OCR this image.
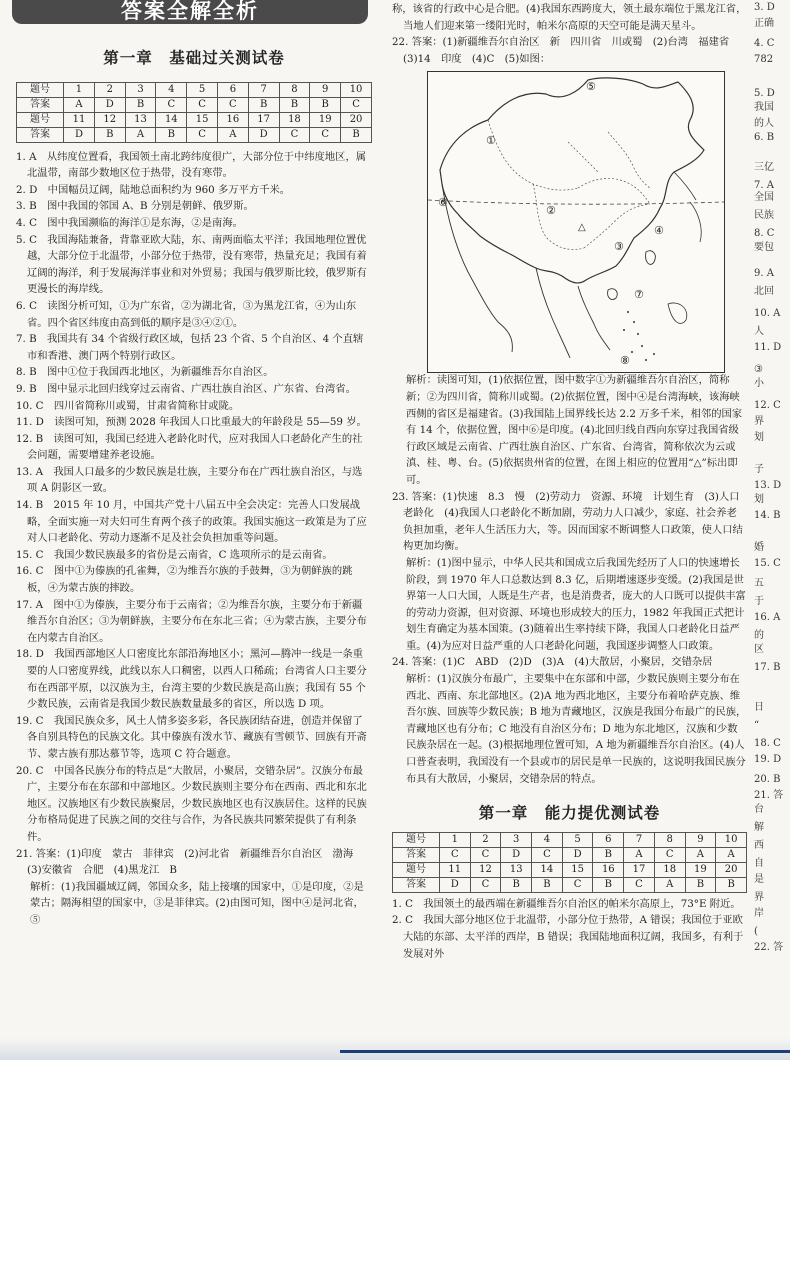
答案全解全析
第一章　基础过关测试卷
题号	1	2	3	4	5	6	7	8	9	10
答案	A	D	B	C	C	C	B	B	B	C
题号	11	12	13	14	15	16	17	18	19	20
答案	D	B	A	B	C	A	D	C	C	B

1. A　从纬度位置看，我国领土南北跨纬度很广，大部分位于中纬度地区，属北温带，南部少数地区位于热带，没有寒带。

2. D　中国幅员辽阔，陆地总面积约为 960 多万平方千米。

3. B　图中我国的邻国 A、B 分别是朝鲜、俄罗斯。

4. C　图中我国濒临的海洋①是东海，②是南海。

5. C　我国海陆兼备，背靠亚欧大陆，东、南两面临太平洋；我国地理位置优越，大部分位于北温带，小部分位于热带，没有寒带，热量充足；我国有着辽阔的海洋，利于发展海洋事业和对外贸易；我国与俄罗斯比较，俄罗斯有更漫长的海岸线。

6. C　读图分析可知，①为广东省，②为湖北省，③为黑龙江省，④为山东省。四个省区纬度由高到低的顺序是③④②①。

7. B　我国共有 34 个省级行政区域，包括 23 个省、5 个自治区、4 个直辖市和香港、澳门两个特别行政区。

8. B　图中①位于我国西北地区，为新疆维吾尔自治区。

9. B　图中显示北回归线穿过云南省、广西壮族自治区、广东省、台湾省。

10. C　四川省简称川或蜀，甘肃省简称甘或陇。

11. D　读图可知，预测 2028 年我国人口比重最大的年龄段是 55—59 岁。

12. B　读图可知，我国已经进入老龄化时代，应对我国人口老龄化产生的社会问题，需要增建养老设施。

13. A　我国人口最多的少数民族是壮族，主要分布在广西壮族自治区，与选项 A 阴影区一致。

14. B　2015 年 10 月，中国共产党十八届五中全会决定：完善人口发展战略，全面实施一对夫妇可生育两个孩子的政策。我国实施这一政策是为了应对人口老龄化、劳动力逐渐不足及社会负担加重等问题。

15. C　我国少数民族最多的省份是云南省，C 选项所示的是云南省。

16. C　图中①为傣族的孔雀舞，②为维吾尔族的手鼓舞，③为朝鲜族的跳板，④为蒙古族的摔跤。

17. A　图中①为傣族，主要分布于云南省；②为维吾尔族，主要分布于新疆维吾尔自治区；③为朝鲜族，主要分布在东北三省；④为蒙古族，主要分布在内蒙古自治区。

18. D　我国西部地区人口密度比东部沿海地区小；黑河—腾冲一线是一条重要的人口密度界线，此线以东人口稠密，以西人口稀疏；台湾省人口主要分布在西部平原，以汉族为主，台湾主要的少数民族是高山族；我国有 55 个少数民族，云南省是我国少数民族数量最多的省区，所以选 D 项。

19. C　我国民族众多，风土人情多姿多彩，各民族团结奋进，创造并保留了各自别具特色的民族文化。其中傣族有泼水节、藏族有雪顿节、回族有开斋节、蒙古族有那达慕节等，选项 C 符合题意。

20. C　中国各民族分布的特点是“大散居，小聚居，交错杂居”。汉族分布最广，主要分布在东部和中部地区。少数民族则主要分布在西南、西北和东北地区。汉族地区有少数民族聚居，少数民族地区也有汉族居住。这样的民族分布格局促进了民族之间的交往与合作，为各民族共同繁荣提供了有利条件。

21. 答案：(1)印度　蒙古　菲律宾　(2)河北省　新疆维吾尔自治区　渤海　(3)安徽省　合肥　(4)黑龙江　B

解析：(1)我国疆域辽阔，邻国众多，陆上接壤的国家中，①是印度，②是蒙古；隔海相望的国家中，③是菲律宾。(2)由图可知，图中④是河北省，⑤

称，该省的行政中心是合肥。(4)我国东西跨度大，领土最东端位于黑龙江省，当地人们迎来第一缕阳光时，帕米尔高原的天空可能是满天星斗。

22. 答案：(1)新疆维吾尔自治区　新　四川省　川或蜀　(2)台湾　福建省　(3)14　印度　(4)C　(5)如图：

解析：读图可知，(1)依据位置，图中数字①为新疆维吾尔自治区，简称新；②为四川省，简称川或蜀。(2)依据位置，图中④是台湾海峡，该海峡西侧的省区是福建省。(3)我国陆上国界线长达 2.2 万多千米，相邻的国家有 14 个，依据位置，图中⑥是印度。(4)北回归线自西向东穿过我国省级行政区域是云南省、广西壮族自治区、广东省、台湾省，简称依次为云或滇、桂、粤、台。(5)依据贵州省的位置，在图上相应的位置用“△”标出即可。

23. 答案：(1)快速　8.3　慢　(2)劳动力　资源、环境　计划生育　(3)人口老龄化　(4)我国人口老龄化不断加剧，劳动力人口减少，家庭、社会养老负担加重，老年人生活压力大，等。因而国家不断调整人口政策，使人口结构更加均衡。

解析：(1)图中显示，中华人民共和国成立后我国先经历了人口的快速增长阶段，到 1970 年人口总数达到 8.3 亿，后期增速逐步变缓。(2)我国是世界第一人口大国，人既是生产者，也是消费者，庞大的人口既可以提供丰富的劳动力资源，但对资源、环境也形成较大的压力，1982 年我国正式把计划生育确定为基本国策。(3)随着出生率持续下降，我国人口老龄化日益严重。(4)为应对日益严重的人口老龄化问题，我国逐步调整人口政策。

24. 答案：(1)C　ABD　(2)D　(3)A　(4)大散居，小聚居，交错杂居

解析：(1)汉族分布最广，主要集中在东部和中部，少数民族则主要分布在西北、西南、东北部地区。(2)A 地为西北地区，主要分布着哈萨克族、维吾尔族、回族等少数民族；B 地为青藏地区，汉族是我国分布最广的民族，青藏地区也有分布；C 地没有自治区分布；D 地为东北地区，汉族和少数民族杂居在一起。(3)根据地理位置可知，A 地为新疆维吾尔自治区。(4)人口普查表明，我国没有一个县或市的居民是单一民族的，这说明我国民族分布具有大散居，小聚居，交错杂居的特点。

第一章　能力提优测试卷
题号	1	2	3	4	5	6	7	8	9	10
答案	C	C	D	C	D	B	A	C	A	A
题号	11	12	13	14	15	16	17	18	19	20
答案	D	C	B	B	C	B	C	A	B	B

1. C　我国领土的最西端在新疆维吾尔自治区的帕米尔高原上，73°E 附近。

2. C　我国大部分地区位于北温带，小部分位于热带，A 错误；我国位于亚欧大陆的东部、太平洋的西岸，B 错误；我国陆地面积辽阔，我国多，有利于发展对外

①
②
③
④
⑤
⑥
⑦
⑧
△
3. D
正确
4. C
782
5. D
我国
的人
6. B
三亿
7. A
全国
民族
8. C
要包
9. A
北回
10. A
人
11. D
③
小
12. C
界
划
子
13. D
划
14. B
婚
15. C
五
于
16. A
的
区
17. B
日
“
18. C
19. D
20. B
21. 答
台
解
西
自
是
界
岸
(
22. 答
